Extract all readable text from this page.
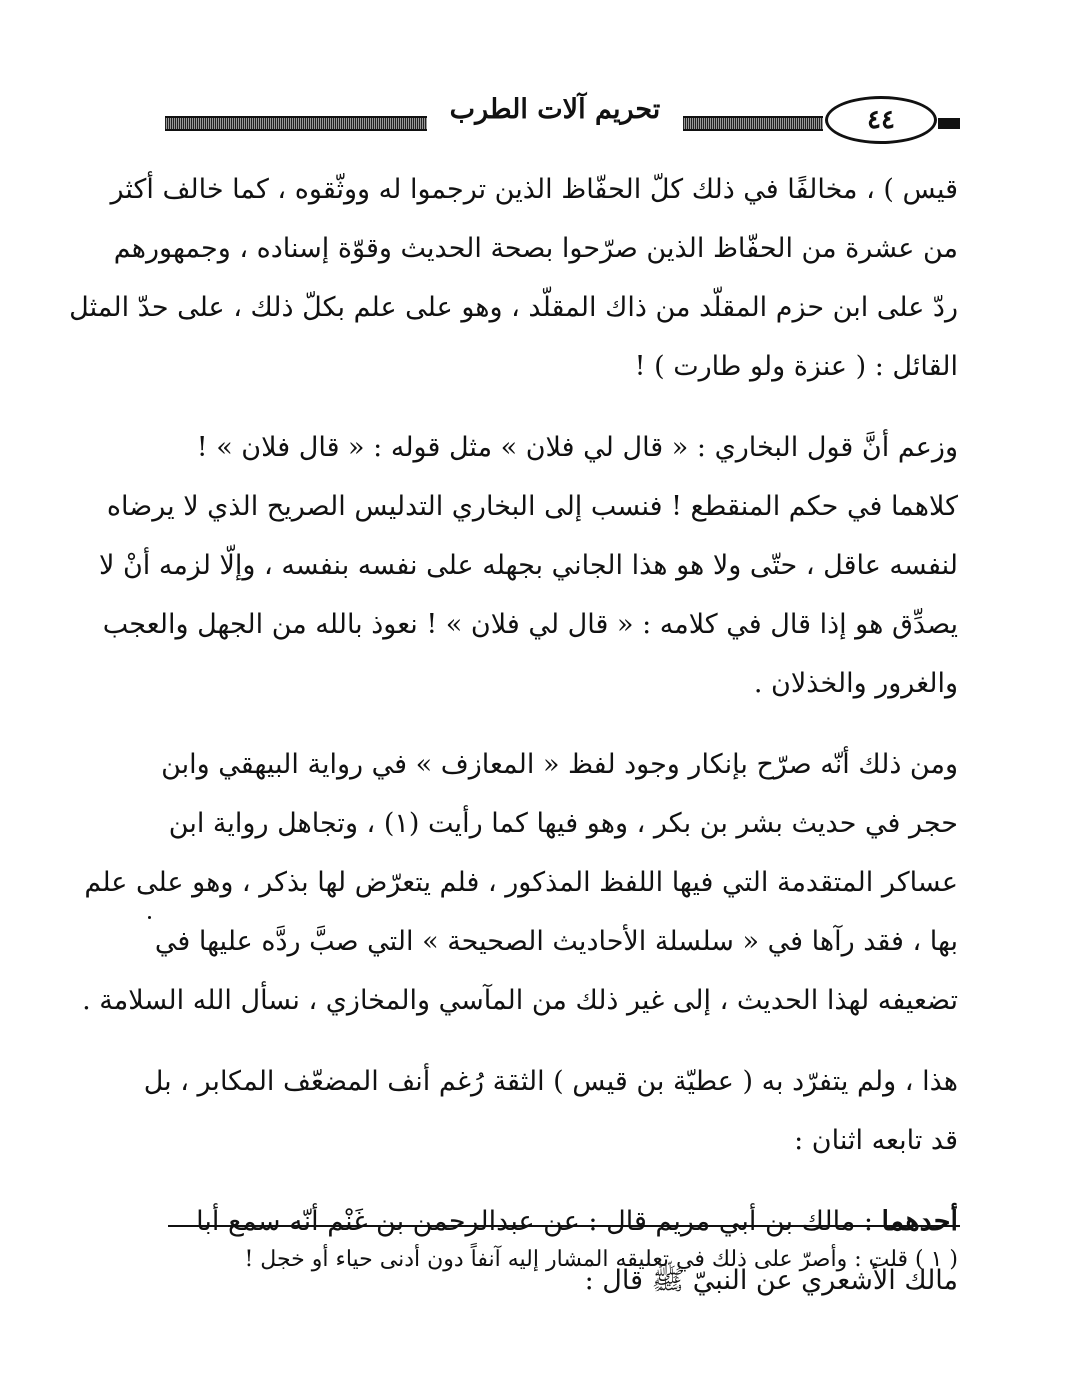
تحريم آلات الطرب	٤٤
قيس ) ، مخالفًا في ذلك كلّ الحفّاظ الذين ترجموا له ووثّقوه ، كما خالف أكثر
من عشرة من الحفّاظ الذين صرّحوا بصحة الحديث وقوّة إسناده ، وجمهورهم
ردّ على ابن حزم المقلّد من ذاك المقلّد ، وهو على علم بكلّ ذلك ، على حدّ المثل
القائل : ( عنزة ولو طارت ) !
وزعم أنَّ قول البخاري : « قال لي فلان » مثل قوله : « قال فلان » !
كلاهما في حكم المنقطع ! فنسب إلى البخاري التدليس الصريح الذي لا يرضاه
لنفسه عاقل ، حتّى ولا هو هذا الجاني بجهله على نفسه بنفسه ، وإلّا لزمه أنْ لا
يصدِّق هو إذا قال في كلامه : « قال لي فلان » ! نعوذ بالله من الجهل والعجب
والغرور والخذلان .
ومن ذلك أنّه صرّح بإنكار وجود لفظ « المعازف » في رواية البيهقي وابن
حجر في حديث بشر بن بكر ، وهو فيها كما رأيت (١) ، وتجاهل رواية ابن
عساكر المتقدمة التي فيها اللفظ المذكور ، فلم يتعرّض لها بذكر ، وهو على علم
بها ، فقد رآها في « سلسلة الأحاديث الصحيحة » التي صبَّ ردَّه عليها في
تضعيفه لهذا الحديث ، إلى غير ذلك من المآسي والمخازي ، نسأل الله السلامة .
هذا ، ولم يتفرّد به ( عطيّة بن قيس ) الثقة رُغم أنف المضعّف المكابر ، بل
قد تابعه اثنان :
أحدهما : مالك بن أبي مريم قال : عن عبدالرحمن بن غَنْم أنّه سمع أبا
مالك الأشعري عن النبيّ ﷺ قال :
( ١ ) قلت : وأصرّ على ذلك في تعليقه المشار إليه آنفاً دون أدنى حياء أو خجل !
